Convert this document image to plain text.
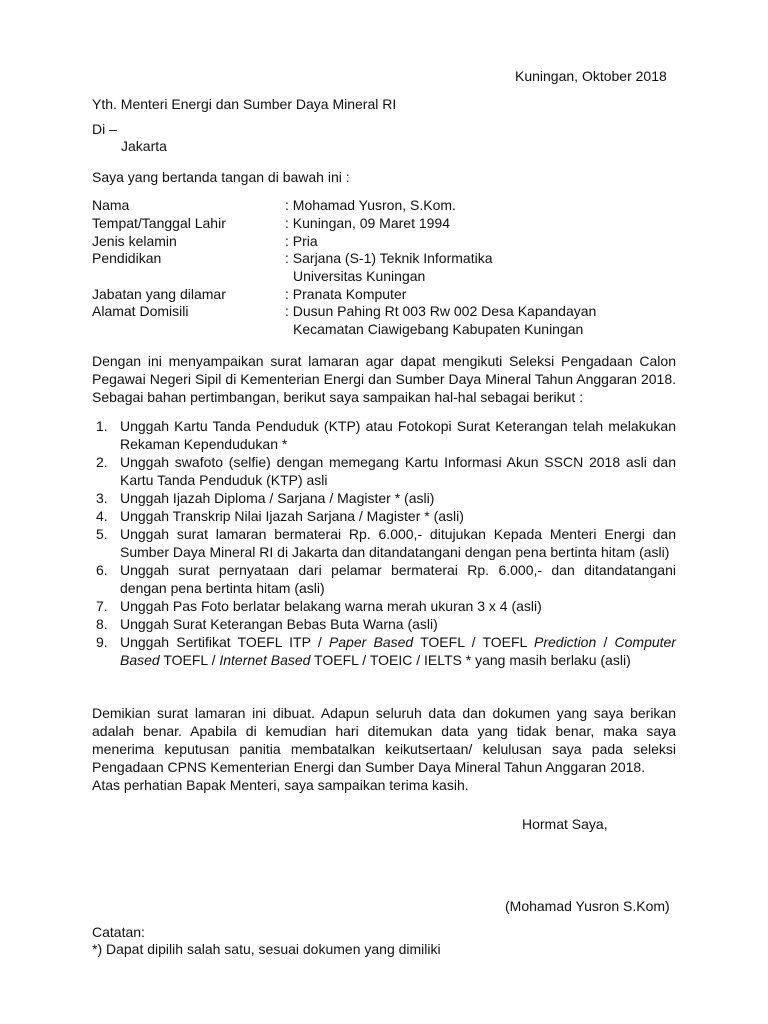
Kuningan, Oktober 2018
Yth. Menteri Energi dan Sumber Daya Mineral RI
Di –
Jakarta
Saya yang bertanda tangan di bawah ini :
Nama	: Mohamad Yusron, S.Kom.
Tempat/Tanggal Lahir	: Kuningan, 09 Maret 1994
Jenis kelamin	: Pria
Pendidikan	: Sarjana (S-1) Teknik Informatika
Universitas Kuningan
Jabatan yang dilamar	: Pranata Komputer
Alamat Domisili	: Dusun Pahing Rt 003 Rw 002 Desa Kapandayan
Kecamatan Ciawigebang Kabupaten Kuningan
Dengan ini menyampaikan surat lamaran agar dapat mengikuti Seleksi Pengadaan Calon Pegawai Negeri Sipil di Kementerian Energi dan Sumber Daya Mineral Tahun Anggaran 2018. Sebagai bahan pertimbangan, berikut saya sampaikan hal-hal sebagai berikut :
1. Unggah Kartu Tanda Penduduk (KTP) atau Fotokopi Surat Keterangan telah melakukan Rekaman Kependudukan *
2. Unggah swafoto (selfie) dengan memegang Kartu Informasi Akun SSCN 2018 asli dan Kartu Tanda Penduduk (KTP) asli
3. Unggah Ijazah Diploma / Sarjana / Magister * (asli)
4. Unggah Transkrip Nilai Ijazah Sarjana / Magister * (asli)
5. Unggah surat lamaran bermaterai Rp. 6.000,- ditujukan Kepada Menteri Energi dan Sumber Daya Mineral RI di Jakarta dan ditandatangani dengan pena bertinta hitam (asli)
6. Unggah surat pernyataan dari pelamar bermaterai Rp. 6.000,- dan ditandatangani dengan pena bertinta hitam (asli)
7. Unggah Pas Foto berlatar belakang warna merah ukuran 3 x 4 (asli)
8. Unggah Surat Keterangan Bebas Buta Warna (asli)
9. Unggah Sertifikat TOEFL ITP / Paper Based TOEFL / TOEFL Prediction / Computer Based TOEFL / Internet Based TOEFL / TOEIC / IELTS * yang masih berlaku (asli)
Demikian surat lamaran ini dibuat. Adapun seluruh data dan dokumen yang saya berikan adalah benar. Apabila di kemudian hari ditemukan data yang tidak benar, maka saya menerima keputusan panitia membatalkan keikutsertaan/ kelulusan saya pada seleksi Pengadaan CPNS Kementerian Energi dan Sumber Daya Mineral Tahun Anggaran 2018.
Atas perhatian Bapak Menteri, saya sampaikan terima kasih.
Hormat Saya,
(Mohamad Yusron S.Kom)
Catatan:
*) Dapat dipilih salah satu, sesuai dokumen yang dimiliki
